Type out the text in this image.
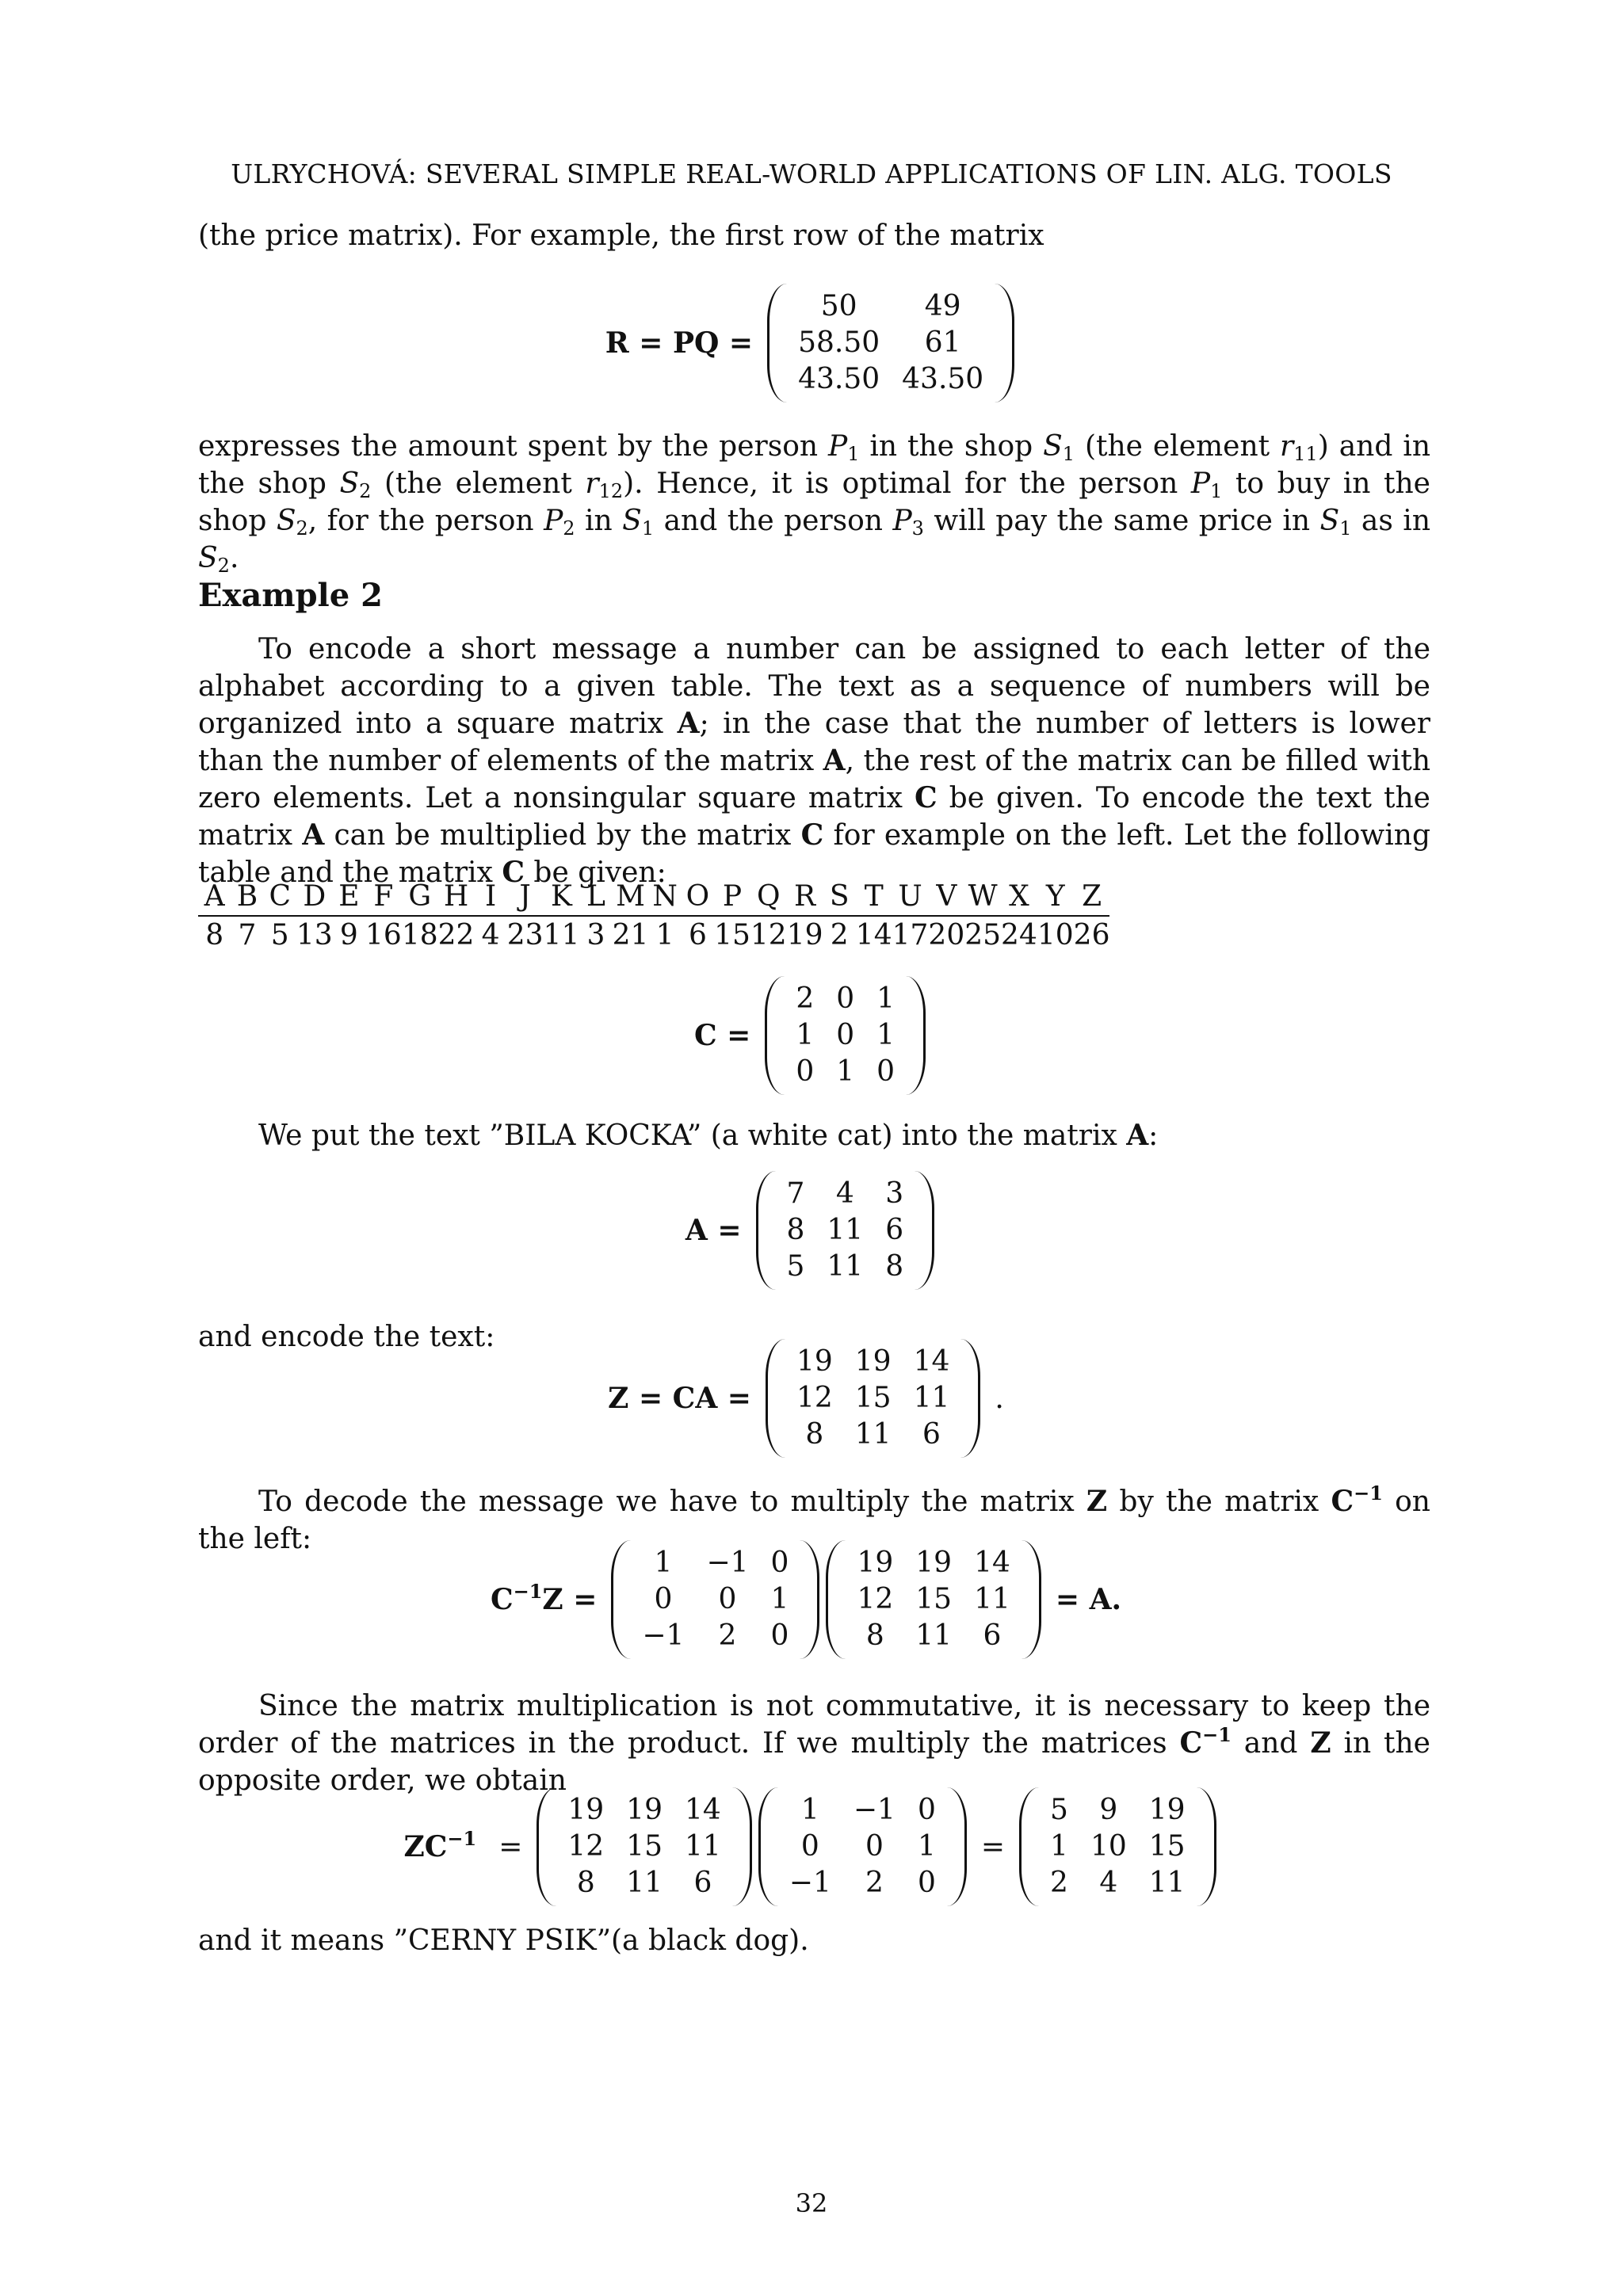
ULRYCHOVÁ: SEVERAL SIMPLE REAL-WORLD APPLICATIONS OF LIN. ALG. TOOLS

(the price matrix). For example, the first row of the matrix

R = PQ =
50	49
58.50	61
43.50	43.50

expresses the amount spent by the person $P_1$ in the shop $S_1$ (the element $r_{11}$) and in the shop $S_2$ (the element $r_{12}$). Hence, it is optimal for the person $P_1$ to buy in the shop $S_2$, for the person $P_2$ in $S_1$ and the person $P_3$ will pay the same price in $S_1$ as in $S_2$.

Example 2

To encode a short message a number can be assigned to each letter of the alphabet according to a given table. The text as a sequence of numbers will be organized into a square matrix A; in the case that the number of letters is lower than the number of elements of the matrix A, the rest of the matrix can be filled with zero elements. Let a nonsingular square matrix C be given. To encode the text the matrix A can be multiplied by the matrix C for example on the left. Let the following table and the matrix C be given:

A	B	C	D	E	F	G	H	I	J	K	L	M	N	O	P	Q	R	S	T	U	V	W	X	Y	Z
8	7	5	13	9	16	18	22	4	23	11	3	21	1	6	15	12	19	2	14	17	20	25	24	10	26
C =
2	0	1
1	0	1
0	1	0

We put the text ”BILA KOCKA” (a white cat) into the matrix A:

A =
7	4	3
8	11	6
5	11	8

and encode the text:

Z = CA =
19	19	14
12	15	11
8	11	6
.

To decode the message we have to multiply the matrix Z by the matrix $C^{-1}$ on the left:

$C^{-1}Z$ =
1	−1	0
0	0	1
−1	2	0
19	19	14
12	15	11
8	11	6
= A.

Since the matrix multiplication is not commutative, it is necessary to keep the order of the matrices in the product. If we multiply the matrices $C^{-1}$ and Z in the opposite order, we obtain

$ZC^{-1}$ =
19	19	14
12	15	11
8	11	6
1	−1	0
0	0	1
−1	2	0
=
5	9	19
1	10	15
2	4	11

and it means ”CERNY PSIK”(a black dog).

32
